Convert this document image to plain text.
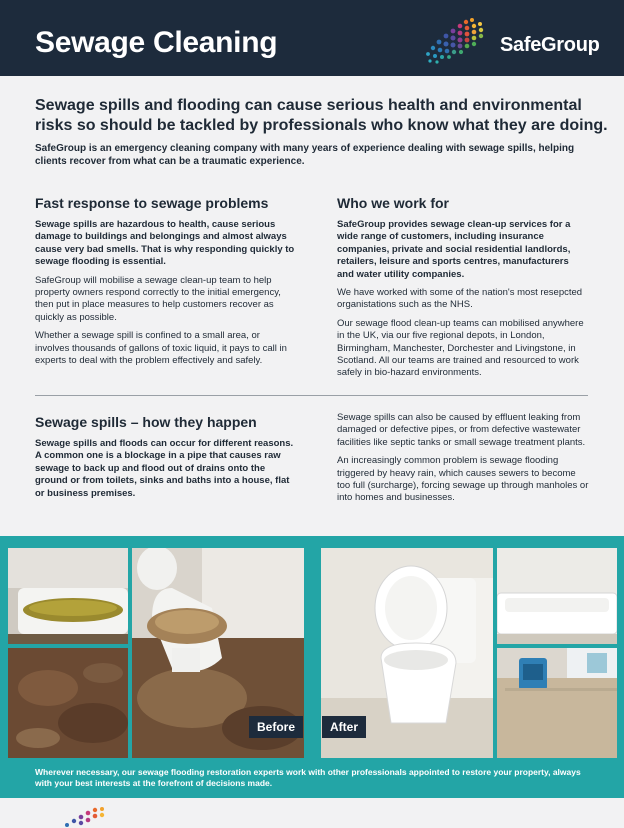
Sewage Cleaning	SafeGroup
Sewage spills and flooding can cause serious health and environmental risks so should be tackled by professionals who know what they are doing.
SafeGroup is an emergency cleaning company with many years of experience dealing with sewage spills, helping clients recover from what can be a traumatic experience.
Fast response to sewage problems
Sewage spills are hazardous to health, cause serious damage to buildings and belongings and almost always cause very bad smells. That is why responding quickly to sewage flooding is essential.
SafeGroup will mobilise a sewage clean-up team to help property owners respond correctly to the initial emergency, then put in place measures to help customers recover as quickly as possible.
Whether a sewage spill is confined to a small area, or involves thousands of gallons of toxic liquid, it pays to call in experts to deal with the problem effectively and safely.
Who we work for
SafeGroup provides sewage clean-up services for a wide range of customers, including insurance companies, private and social residential landlords, retailers, leisure and sports centres, manufacturers and water utility companies.
We have worked with some of the nation's most resepcted organistations such as the NHS.
Our sewage flood clean-up teams can mobilised anywhere in the UK, via our five regional depots, in London, Birmingham, Manchester, Dorchester and Livingstone, in Scotland. All our teams are trained and resourced to work safely in bio-hazard environments.
Sewage spills – how they happen
Sewage spills and floods can occur for different reasons. A common one is a blockage in a pipe that causes raw sewage to back up and flood out of drains onto the ground or from toilets, sinks and baths into a house, flat or business premises.
Sewage spills can also be caused by effluent leaking from damaged or defective pipes, or from defective wastewater facilities like septic tanks or small sewage treatment plants.
An increasingly common problem is sewage flooding triggered by heavy rain, which causes sewers to become too full (surcharge), forcing sewage up through manholes or into homes and businesses.
Before	After
Wherever necessary, our sewage flooding restoration experts work with other professionals appointed to restore your property, always with your best interests at the forefront of decisions made.
